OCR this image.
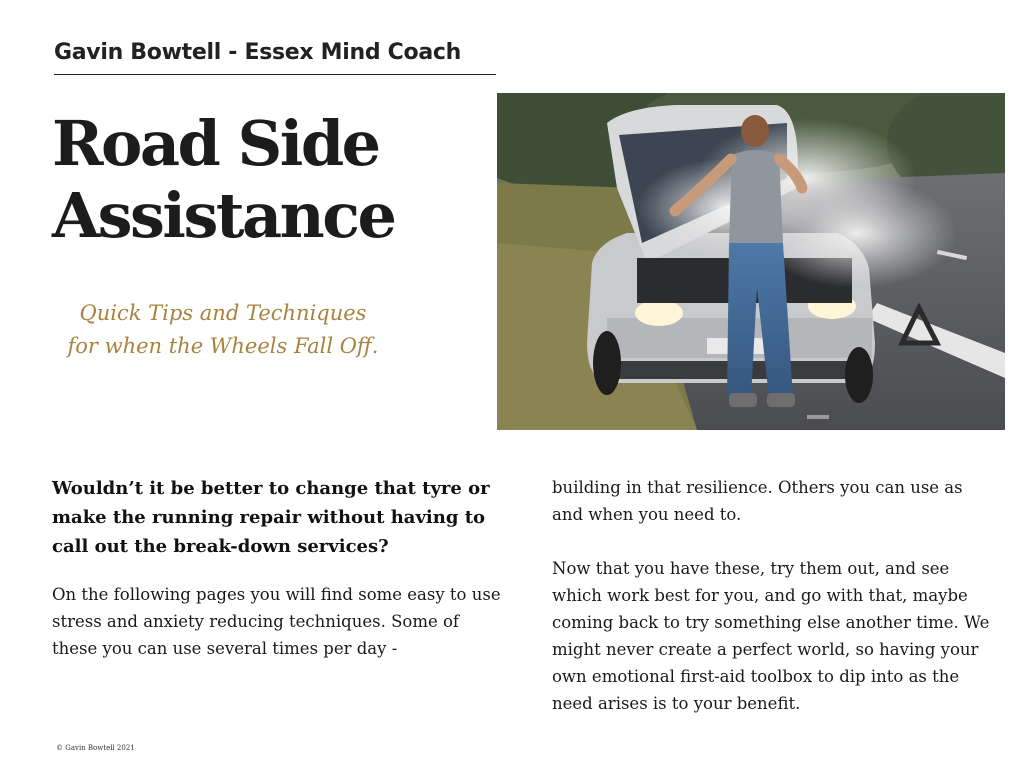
Gavin Bowtell - Essex Mind Coach
Road Side
Assistance
Quick Tips and Techniques
for when the Wheels Fall Off.

Wouldn’t it be better to change that tyre or make the running repair without having to call out the break-down services?

On the following pages you will find some easy to use stress and anxiety reducing techniques. Some of these you can use several times per day -

building in that resilience. Others you can use as and when you need to.

Now that you have these, try them out, and see which work best for you, and go with that, maybe coming back to try something else another time. We might never create a perfect world, so having your own emotional first-aid toolbox to dip into as the need arises is to your benefit.

© Gavin Bowtell 2021
